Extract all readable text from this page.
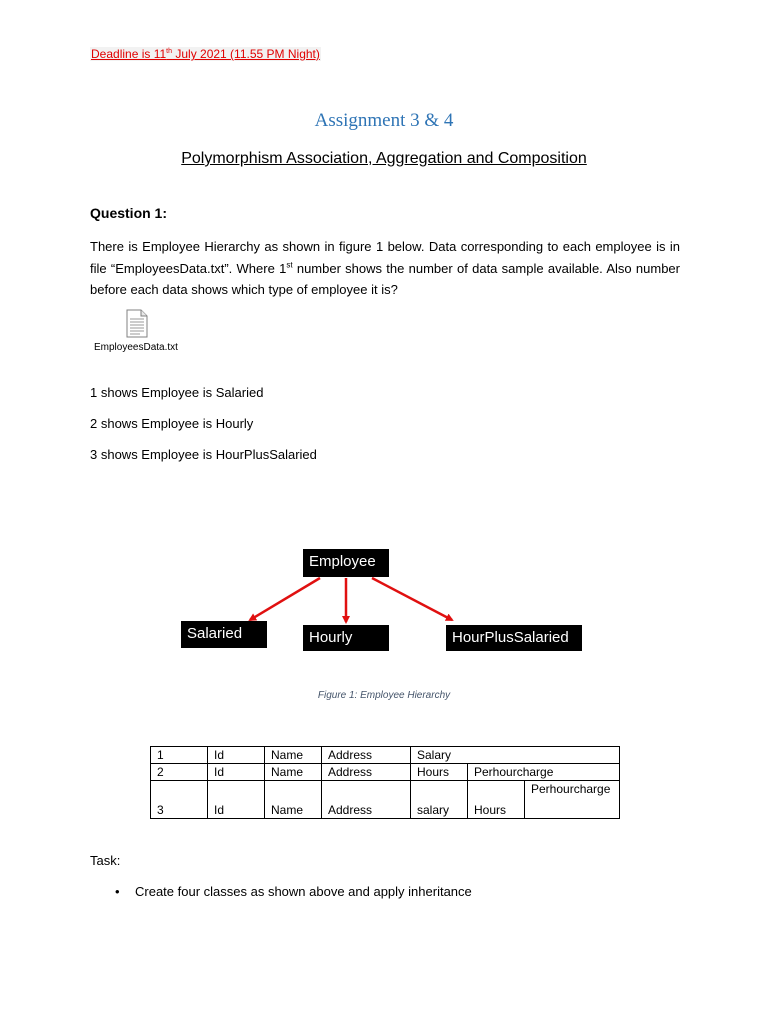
Deadline is 11th July 2021 (11.55 PM Night)
Assignment 3 & 4
Polymorphism Association, Aggregation and Composition
Question 1:
There is Employee Hierarchy as shown in figure 1 below. Data corresponding to each employee is in file “EmployeesData.txt”. Where 1st number shows the number of data sample available. Also number before each data shows which type of employee it is?
EmployeesData.txt
1 shows Employee is Salaried
2 shows Employee is Hourly
3 shows Employee is HourPlusSalaried
Employee
Salaried	Hourly	HourPlusSalaried
Figure 1: Employee Hierarchy
1	Id	Name	Address	Salary		
2	Id	Name	Address	Hours	Perhourcharge	
3	Id	Name	Address	salary	Hours	Perhourcharge
Task:
• Create four classes as shown above and apply inheritance
